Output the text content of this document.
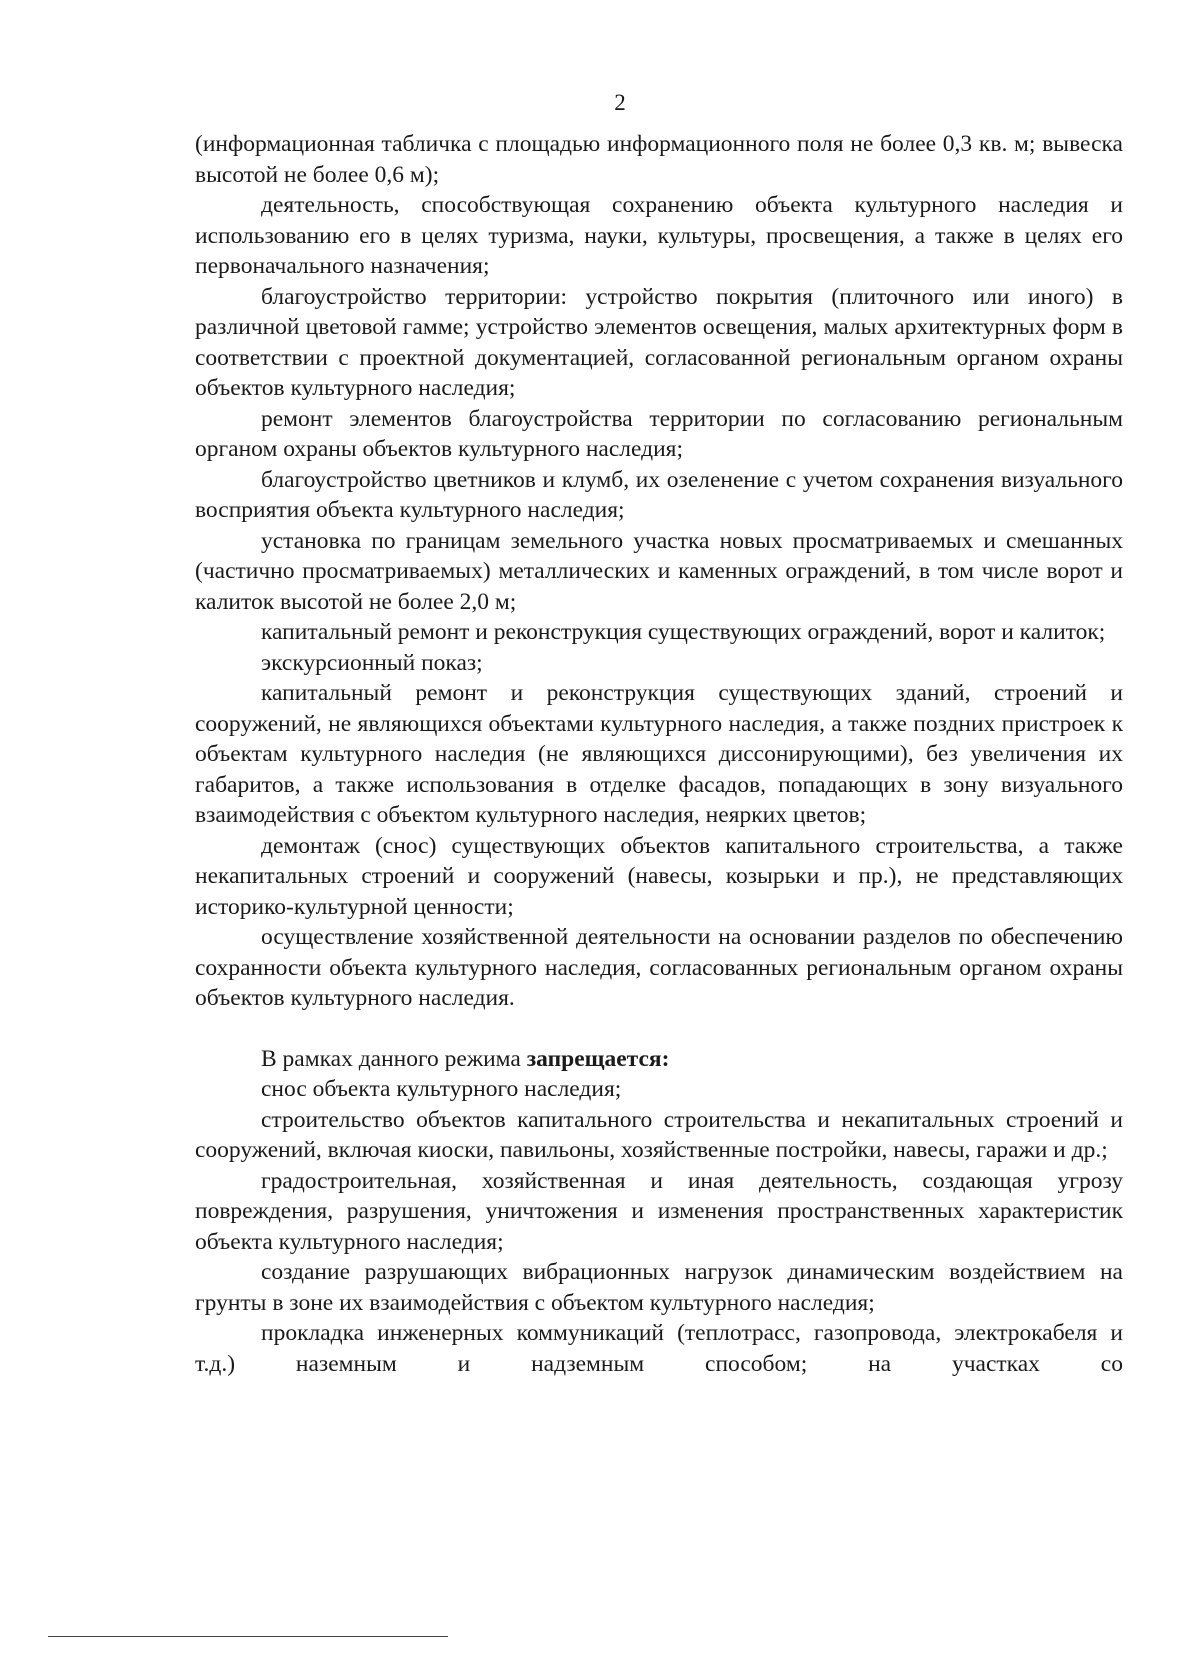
2

(информационная табличка с площадью информационного поля не более 0,3 кв. м; вывеска высотой не более 0,6 м);

деятельность, способствующая сохранению объекта культурного наследия и использованию его в целях туризма, науки, культуры, просвещения, а также в целях его первоначального назначения;

благоустройство территории: устройство покрытия (плиточного или иного) в различной цветовой гамме; устройство элементов освещения, малых архитектурных форм в соответствии с проектной документацией, согласованной региональным органом охраны объектов культурного наследия;

ремонт элементов благоустройства территории по согласованию региональным органом охраны объектов культурного наследия;

благоустройство цветников и клумб, их озеленение с учетом сохранения визуального восприятия объекта культурного наследия;

установка по границам земельного участка новых просматриваемых и смешанных (частично просматриваемых) металлических и каменных ограждений, в том числе ворот и калиток высотой не более 2,0 м;

капитальный ремонт и реконструкция существующих ограждений, ворот и калиток;

экскурсионный показ;

капитальный ремонт и реконструкция существующих зданий, строений и сооружений, не являющихся объектами культурного наследия, а также поздних пристроек к объектам культурного наследия (не являющихся диссонирующими), без увеличения их габаритов, а также использования в отделке фасадов, попадающих в зону визуального взаимодействия с объектом культурного наследия, неярких цветов;

демонтаж (снос) существующих объектов капитального строительства, а также некапитальных строений и сооружений (навесы, козырьки и пр.), не представляющих историко-культурной ценности;

осуществление хозяйственной деятельности на основании разделов по обеспечению сохранности объекта культурного наследия, согласованных региональным органом охраны объектов культурного наследия.

В рамках данного режима запрещается:

снос объекта культурного наследия;

строительство объектов капитального строительства и некапитальных строений и сооружений, включая киоски, павильоны, хозяйственные постройки, навесы, гаражи и др.;

градостроительная, хозяйственная и иная деятельность, создающая угрозу повреждения, разрушения, уничтожения и изменения пространственных характеристик объекта культурного наследия;

создание разрушающих вибрационных нагрузок динамическим воздействием на грунты в зоне их взаимодействия с объектом культурного наследия;

прокладка инженерных коммуникаций (теплотрасс, газопровода, электрокабеля и т.д.) наземным и надземным способом; на участках со
